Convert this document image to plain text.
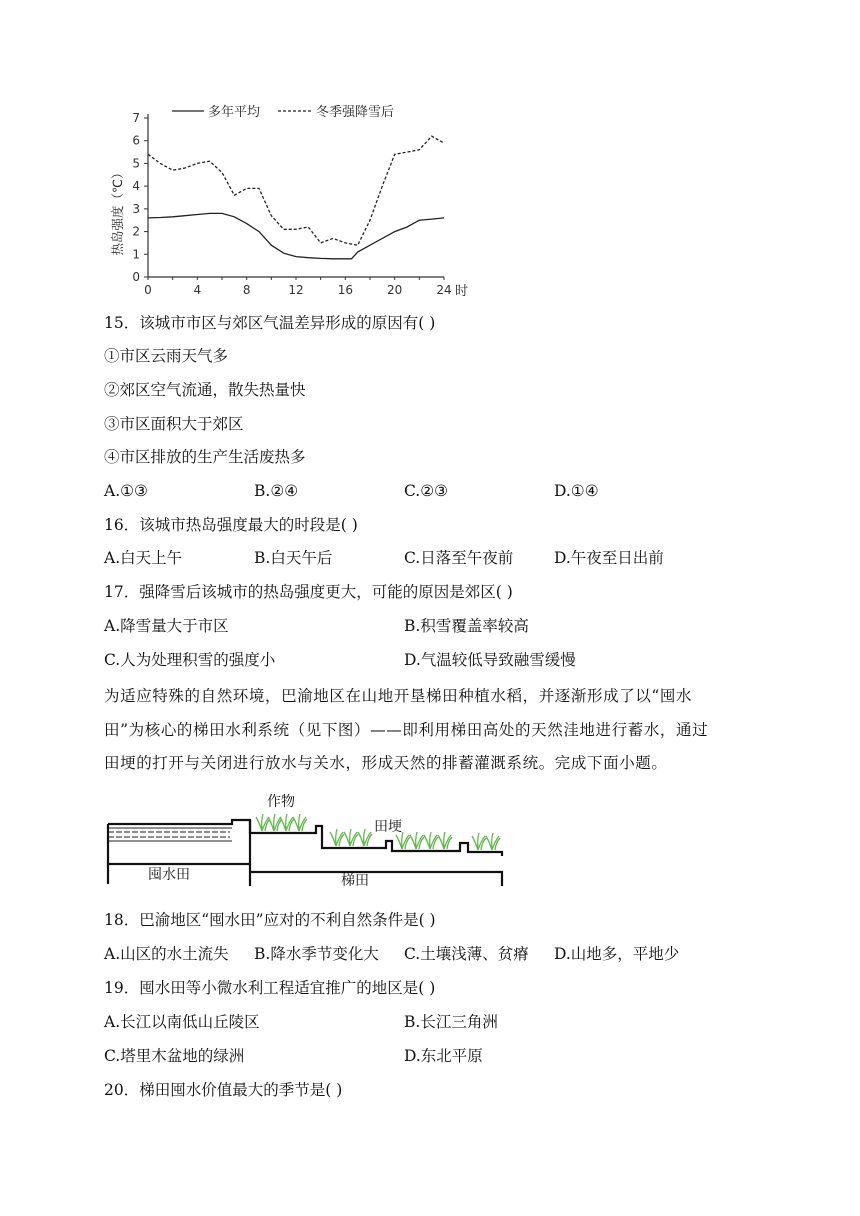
多年平均	冬季强降雪后
热岛强度（℃）
0
1
2
3
4
5
6
7
0	4	8	12	16	20	24 时
15．该城市市区与郊区气温差异形成的原因有( )
①市区云雨天气多
②郊区空气流通，散失热量快
③市区面积大于郊区
④市区排放的生产生活废热多
A.①③	B.②④	C.②③	D.①④
16．该城市热岛强度最大的时段是( )
A.白天上午	B.白天午后	C.日落至午夜前	D.午夜至日出前
17．强降雪后该城市的热岛强度更大，可能的原因是郊区( )
A.降雪量大于市区	B.积雪覆盖率较高
C.人为处理积雪的强度小	D.气温较低导致融雪缓慢
为适应特殊的自然环境，巴渝地区在山地开垦梯田种植水稻，并逐渐形成了以“囤水
田”为核心的梯田水利系统（见下图）——即利用梯田高处的天然洼地进行蓄水，通过
田埂的打开与关闭进行放水与关水，形成天然的排蓄灌溉系统。完成下面小题。
作物
田埂
囤水田	梯田
18．巴渝地区“囤水田”应对的不利自然条件是( )
A.山区的水土流失 B.降水季节变化大 C.土壤浅薄、贫瘠 D.山地多，平地少
19．囤水田等小微水利工程适宜推广的地区是( )
A.长江以南低山丘陵区	B.长江三角洲
C.塔里木盆地的绿洲	D.东北平原
20．梯田囤水价值最大的季节是( )
